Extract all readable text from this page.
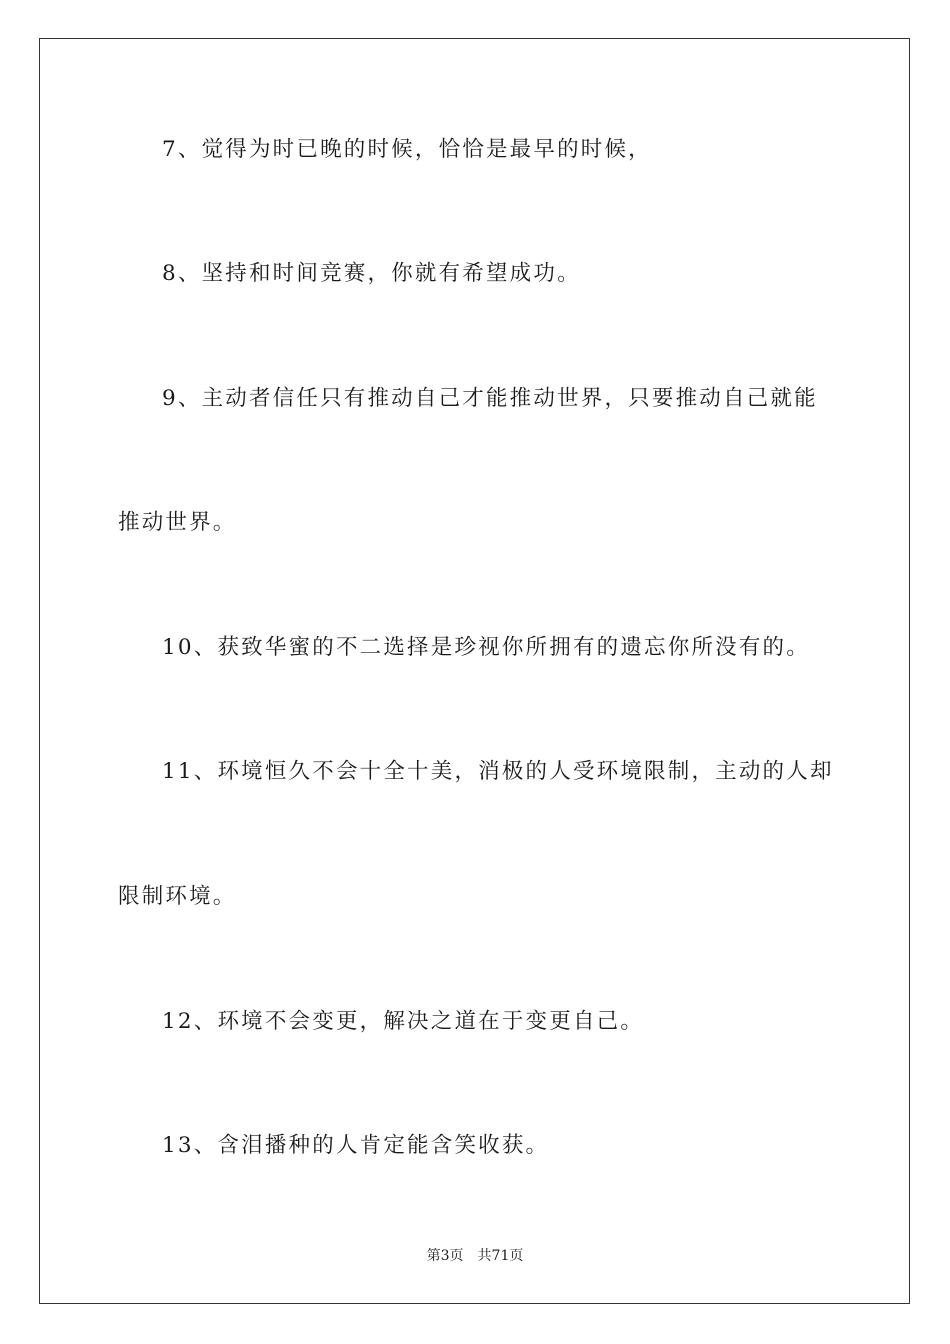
7、觉得为时已晚的时候，恰恰是最早的时候，
8、坚持和时间竞赛，你就有希望成功。
9、主动者信任只有推动自己才能推动世界，只要推动自己就能
推动世界。
10、获致华蜜的不二选择是珍视你所拥有的遗忘你所没有的。
11、环境恒久不会十全十美，消极的人受环境限制，主动的人却
限制环境。
12、环境不会变更，解决之道在于变更自己。
13、含泪播种的人肯定能含笑收获。
第3页 共71页
